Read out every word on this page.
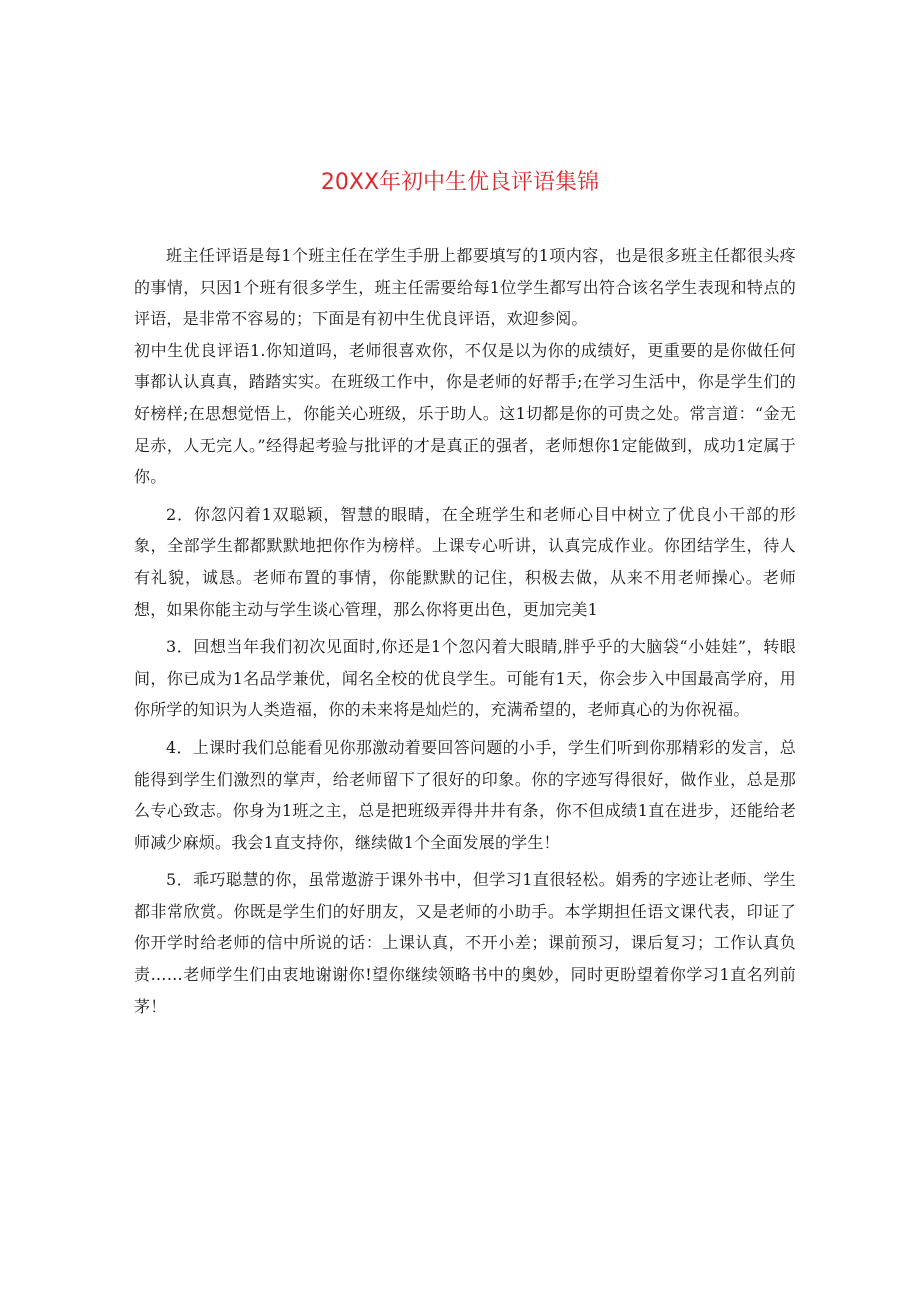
20XX年初中生优良评语集锦

班主任评语是每1个班主任在学生手册上都要填写的1项内容，也是很多班主任都很头疼的事情，只因1个班有很多学生，班主任需要给每1位学生都写出符合该名学生表现和特点的评语，是非常不容易的；下面是有初中生优良评语，欢迎参阅。

初中生优良评语1.你知道吗，老师很喜欢你，不仅是以为你的成绩好，更重要的是你做任何事都认认真真，踏踏实实。在班级工作中，你是老师的好帮手;在学习生活中，你是学生们的好榜样;在思想觉悟上，你能关心班级，乐于助人。这1切都是你的可贵之处。常言道：“金无足赤，人无完人。”经得起考验与批评的才是真正的强者，老师想你1定能做到，成功1定属于你。

2．你忽闪着1双聪颖，智慧的眼睛，在全班学生和老师心目中树立了优良小干部的形象，全部学生都都默默地把你作为榜样。上课专心听讲，认真完成作业。你团结学生，待人有礼貌，诚恳。老师布置的事情，你能默默的记住，积极去做，从来不用老师操心。老师想，如果你能主动与学生谈心管理，那么你将更出色，更加完美1

3．回想当年我们初次见面时,你还是1个忽闪着大眼睛,胖乎乎的大脑袋“小娃娃”，转眼间，你已成为1名品学兼优，闻名全校的优良学生。可能有1天，你会步入中国最高学府，用你所学的知识为人类造福，你的未来将是灿烂的，充满希望的，老师真心的为你祝福。

4．上课时我们总能看见你那激动着要回答问题的小手，学生们听到你那精彩的发言，总能得到学生们激烈的掌声，给老师留下了很好的印象。你的字迹写得很好，做作业，总是那么专心致志。你身为1班之主，总是把班级弄得井井有条，你不但成绩1直在进步，还能给老师减少麻烦。我会1直支持你，继续做1个全面发展的学生！

5．乖巧聪慧的你，虽常遨游于课外书中，但学习1直很轻松。娟秀的字迹让老师、学生都非常欣赏。你既是学生们的好朋友，又是老师的小助手。本学期担任语文课代表，印证了你开学时给老师的信中所说的话：上课认真，不开小差；课前预习，课后复习；工作认真负责……老师学生们由衷地谢谢你!望你继续领略书中的奥妙，同时更盼望着你学习1直名列前茅！
